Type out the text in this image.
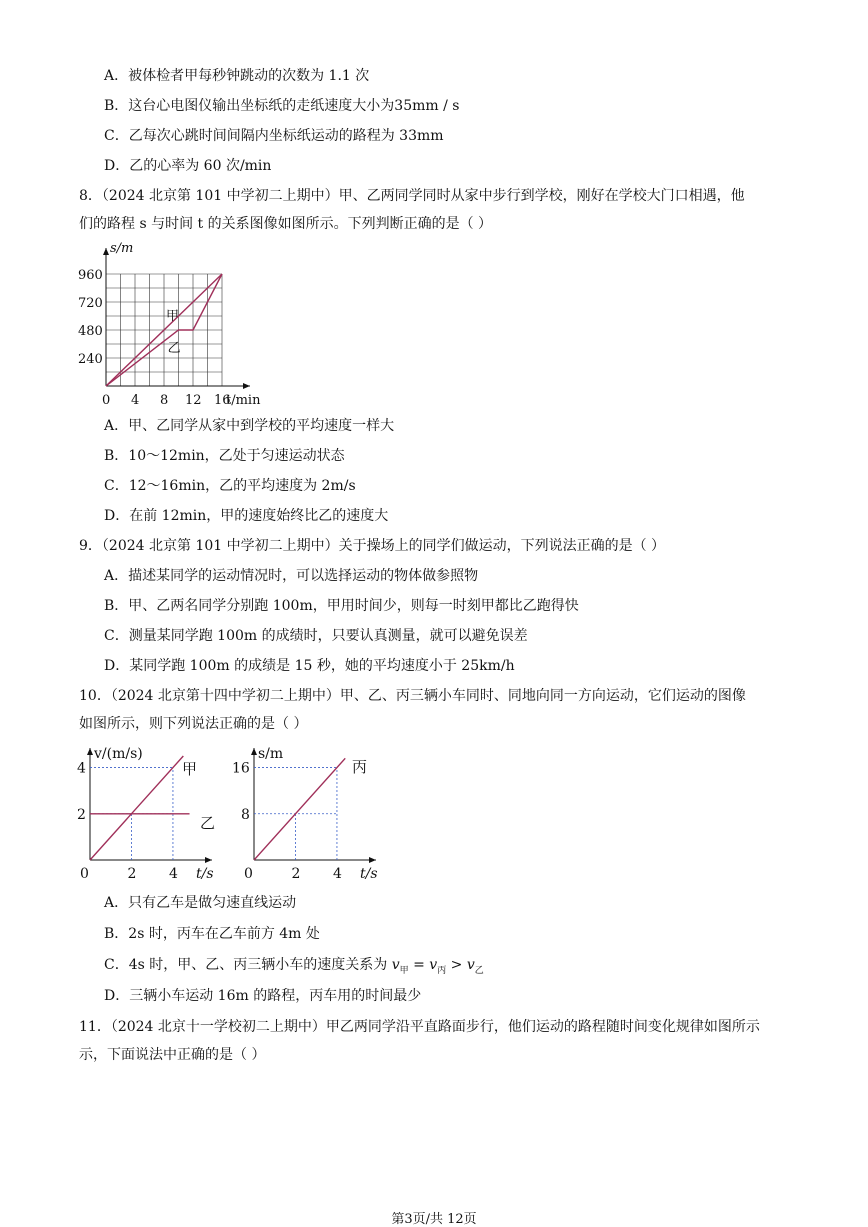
A．被体检者甲每秒钟跳动的次数为 1.1 次
B．这台心电图仪输出坐标纸的走纸速度大小为35mm / s
C．乙每次心跳时间间隔内坐标纸运动的路程为 33mm
D．乙的心率为 60 次/min
8．（2024 北京第 101 中学初二上期中）甲、乙两同学同时从家中步行到学校，刚好在学校大门口相遇，他
们的路程 s 与时间 t 的关系图像如图所示。下列判断正确的是（ ）
s/m
t/min
960
720
480
240
0 4 8 12 16
甲
乙
A．甲、乙同学从家中到学校的平均速度一样大
B．10～12min，乙处于匀速运动状态
C．12～16min，乙的平均速度为 2m/s
D．在前 12min，甲的速度始终比乙的速度大
9．（2024 北京第 101 中学初二上期中）关于操场上的同学们做运动，下列说法正确的是（ ）
A．描述某同学的运动情况时，可以选择运动的物体做参照物
B．甲、乙两名同学分别跑 100m，甲用时间少，则每一时刻甲都比乙跑得快
C．测量某同学跑 100m 的成绩时，只要认真测量，就可以避免误差
D．某同学跑 100m 的成绩是 15 秒，她的平均速度小于 25km/h
10．（2024 北京第十四中学初二上期中）甲、乙、丙三辆小车同时、同地向同一方向运动，它们运动的图像
如图所示，则下列说法正确的是（ ）
v/(m/s)
t/s
4
2
0	2 4
甲
乙
s/m
t/s
16
8
0	2 4
丙
A．只有乙车是做匀速直线运动
B．2s 时，丙车在乙车前方 4m 处
C．4s 时，甲、乙、丙三辆小车的速度关系为 $v_甲 = v_丙 > v_乙$
D．三辆小车运动 16m 的路程，丙车用的时间最少
11．（2024 北京十一学校初二上期中）甲乙两同学沿平直路面步行，他们运动的路程随时间变化规律如图所示
示，下面说法中正确的是（ ）
第3页/共 12页
